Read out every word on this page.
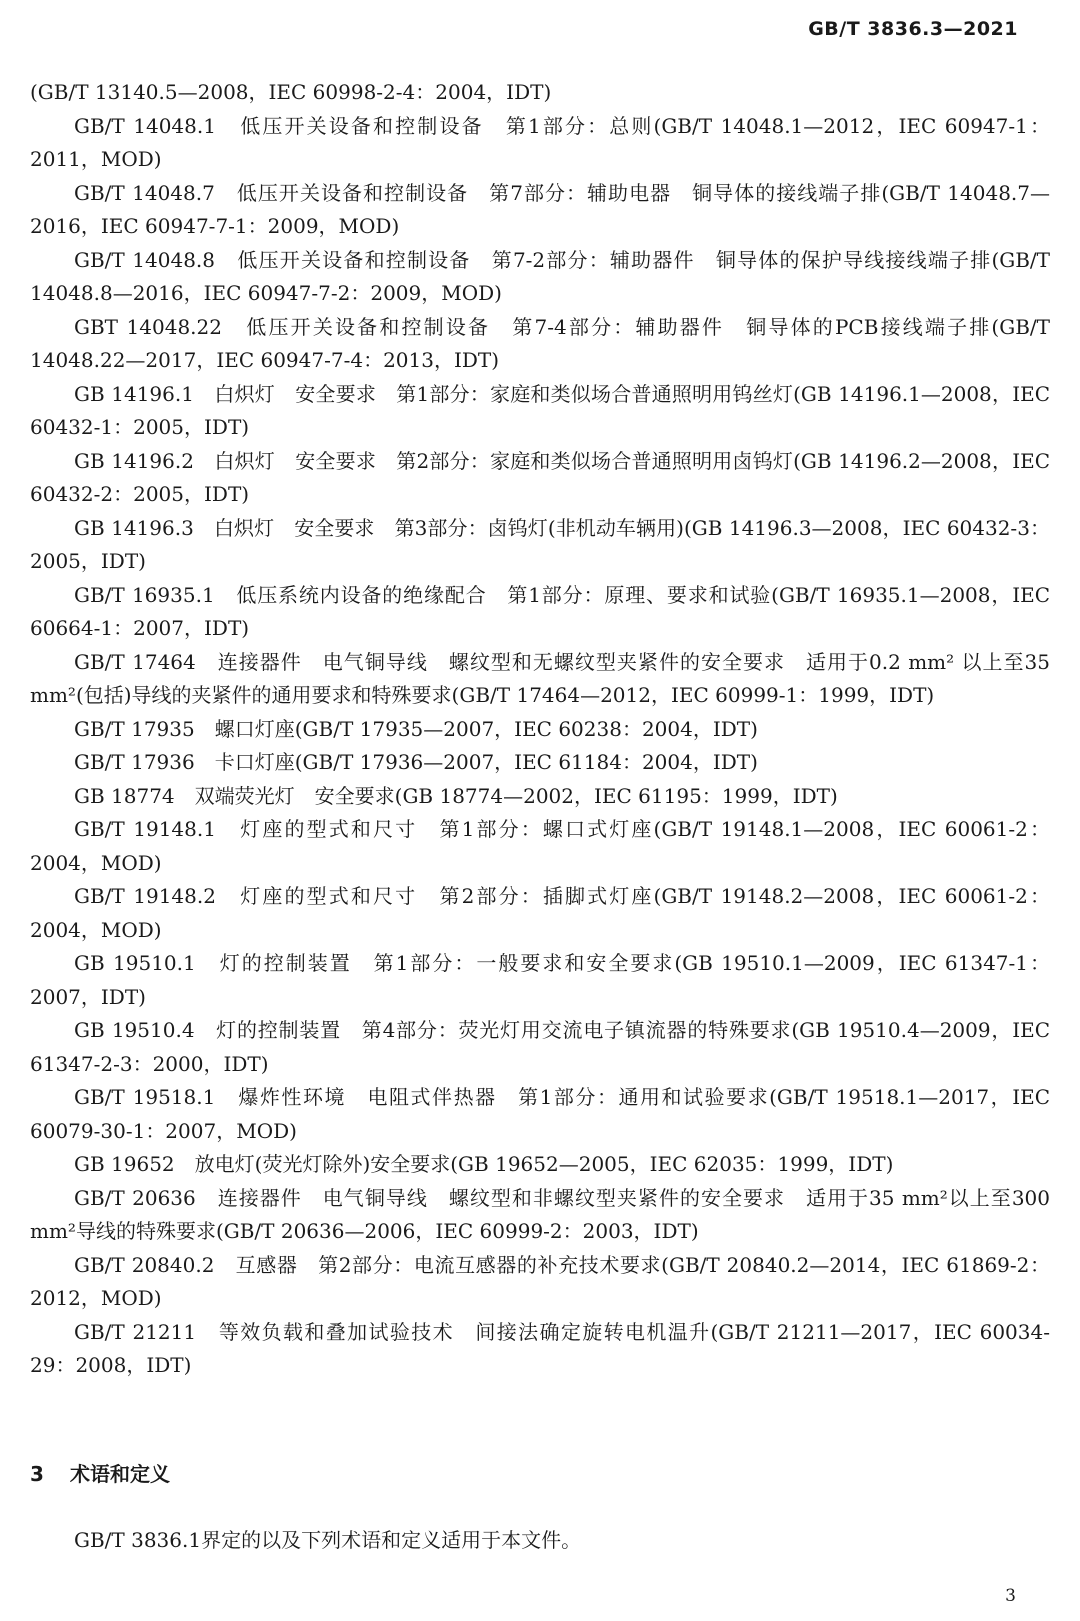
GB/T 3836.3—2021

(GB/T 13140.5—2008，IEC 60998-2-4：2004，IDT)

GB/T 14048.1　低压开关设备和控制设备　第1部分：总则(GB/T 14048.1—2012，IEC 60947-1：2011，MOD)

GB/T 14048.7　低压开关设备和控制设备　第7部分：辅助电器　铜导体的接线端子排(GB/T 14048.7—2016，IEC 60947-7-1：2009，MOD)

GB/T 14048.8　低压开关设备和控制设备　第7-2部分：辅助器件　铜导体的保护导线接线端子排(GB/T 14048.8—2016，IEC 60947-7-2：2009，MOD)

GBT 14048.22　低压开关设备和控制设备　第7-4部分：辅助器件　铜导体的PCB接线端子排(GB/T 14048.22—2017，IEC 60947-7-4：2013，IDT)

GB 14196.1　白炽灯　安全要求　第1部分：家庭和类似场合普通照明用钨丝灯(GB 14196.1—2008，IEC 60432-1：2005，IDT)

GB 14196.2　白炽灯　安全要求　第2部分：家庭和类似场合普通照明用卤钨灯(GB 14196.2—2008，IEC 60432-2：2005，IDT)

GB 14196.3　白炽灯　安全要求　第3部分：卤钨灯(非机动车辆用)(GB 14196.3—2008，IEC 60432-3：2005，IDT)

GB/T 16935.1　低压系统内设备的绝缘配合　第1部分：原理、要求和试验(GB/T 16935.1—2008，IEC 60664-1：2007，IDT)

GB/T 17464　连接器件　电气铜导线　螺纹型和无螺纹型夹紧件的安全要求　适用于0.2 mm² 以上至35 mm²(包括)导线的夹紧件的通用要求和特殊要求(GB/T 17464—2012，IEC 60999-1：1999，IDT)

GB/T 17935　螺口灯座(GB/T 17935—2007，IEC 60238：2004，IDT)

GB/T 17936　卡口灯座(GB/T 17936—2007，IEC 61184：2004，IDT)

GB 18774　双端荧光灯　安全要求(GB 18774—2002，IEC 61195：1999，IDT)

GB/T 19148.1　灯座的型式和尺寸　第1部分：螺口式灯座(GB/T 19148.1—2008，IEC 60061-2：2004，MOD)

GB/T 19148.2　灯座的型式和尺寸　第2部分：插脚式灯座(GB/T 19148.2—2008，IEC 60061-2：2004，MOD)

GB 19510.1　灯的控制装置　第1部分：一般要求和安全要求(GB 19510.1—2009，IEC 61347-1：2007，IDT)

GB 19510.4　灯的控制装置　第4部分：荧光灯用交流电子镇流器的特殊要求(GB 19510.4—2009，IEC 61347-2-3：2000，IDT)

GB/T 19518.1　爆炸性环境　电阻式伴热器　第1部分：通用和试验要求(GB/T 19518.1—2017，IEC 60079-30-1：2007，MOD)

GB 19652　放电灯(荧光灯除外)安全要求(GB 19652—2005，IEC 62035：1999，IDT)

GB/T 20636　连接器件　电气铜导线　螺纹型和非螺纹型夹紧件的安全要求　适用于35 mm²以上至300 mm²导线的特殊要求(GB/T 20636—2006，IEC 60999-2：2003，IDT)

GB/T 20840.2　互感器　第2部分：电流互感器的补充技术要求(GB/T 20840.2—2014，IEC 61869-2：2012，MOD)

GB/T 21211　等效负载和叠加试验技术　间接法确定旋转电机温升(GB/T 21211—2017，IEC 60034-29：2008，IDT)

3 术语和定义
GB/T 3836.1界定的以及下列术语和定义适用于本文件。
3
